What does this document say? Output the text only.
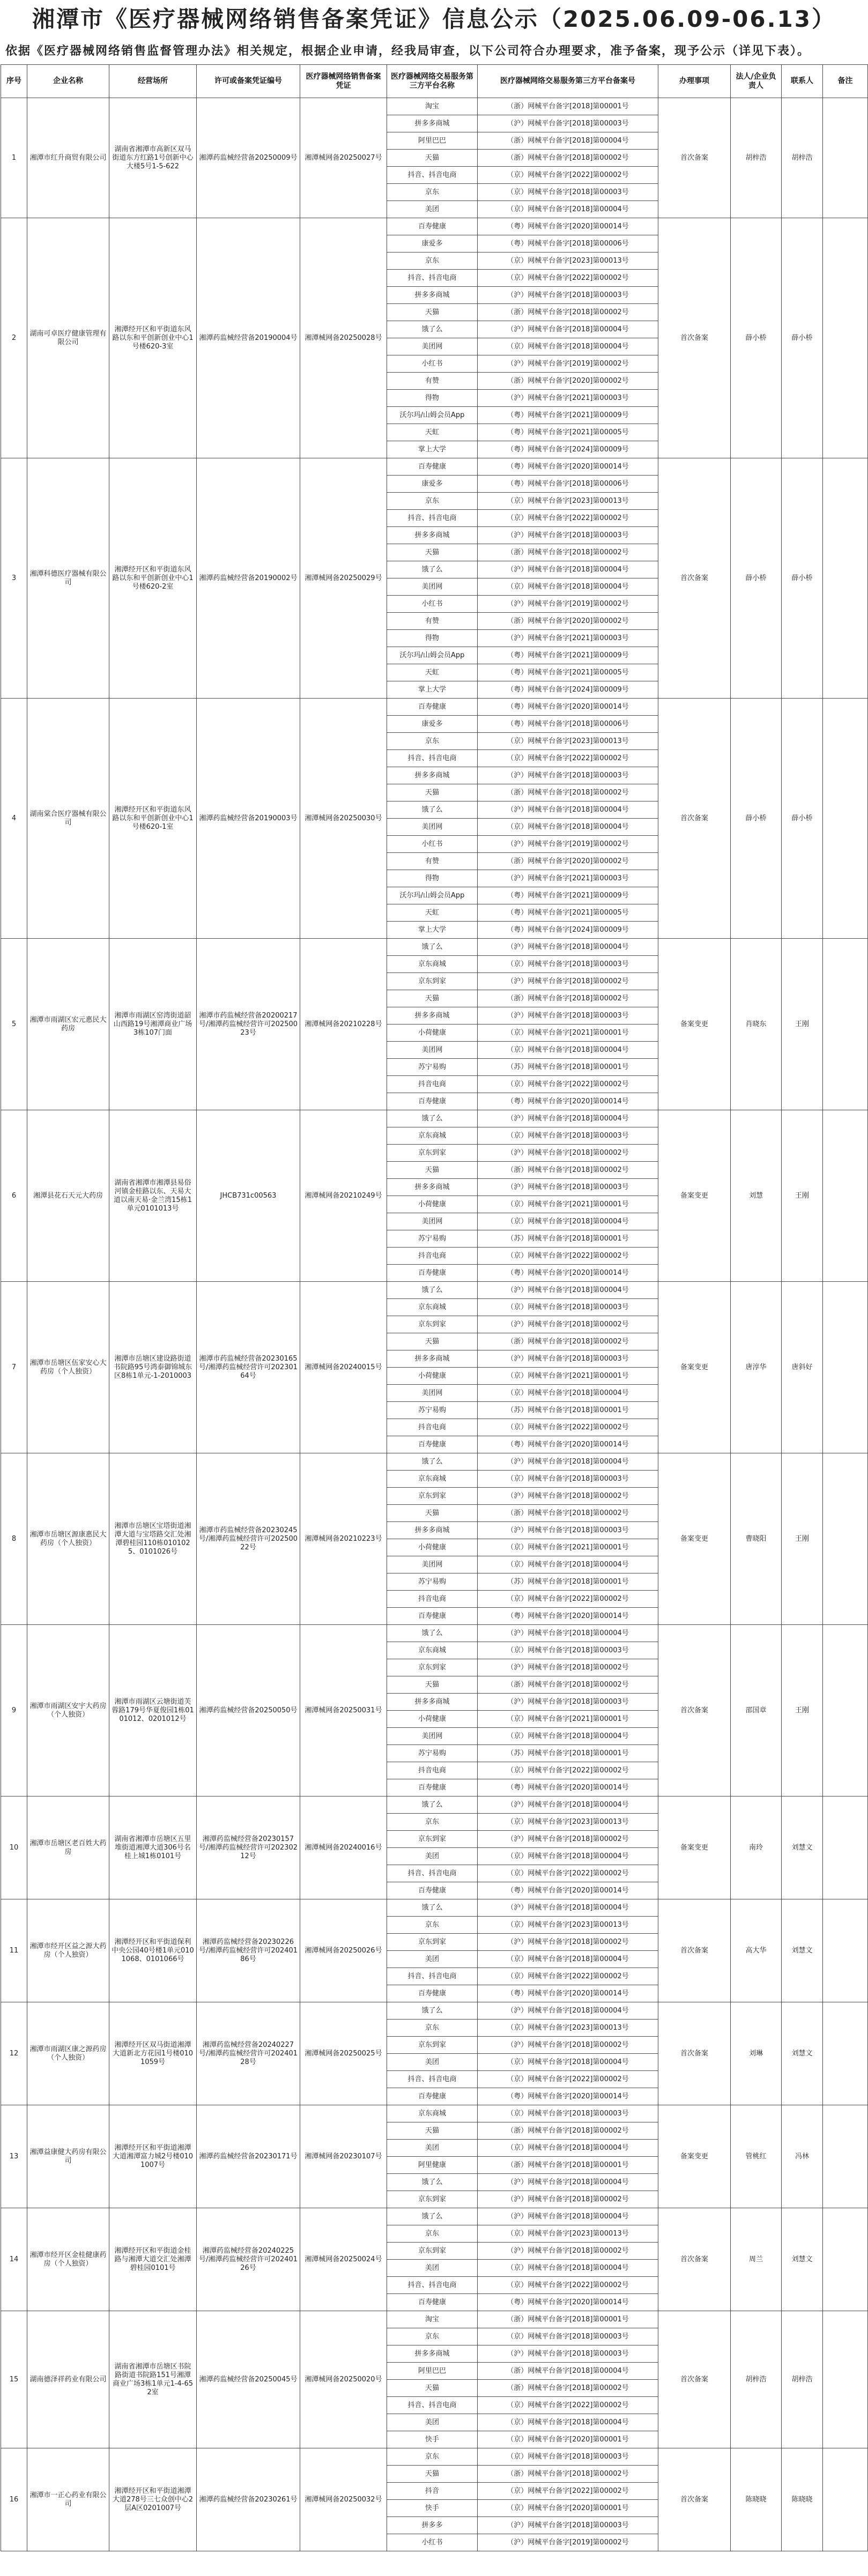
湘潭市《医疗器械网络销售备案凭证》信息公示（2025.06.09-06.13）
依据《医疗器械网络销售监督管理办法》相关规定，根据企业申请，经我局审查，以下公司符合办理要求，准予备案，现予公示（详见下表）。
序号	企业名称	经营场所	许可或备案凭证编号	医疗器械网络销售备案凭证	医疗器械网络交易服务第三方平台名称	医疗器械网络交易服务第三方平台备案号	办理事项	法人/企业负责人	联系人	备注
1	湘潭市红升商贸有限公司	湖南省湘潭市高新区双马街道东方红路1号创新中心大楼5号1-5-622	湘潭药监械经营备20250009号	湘潭械网备20250027号	淘宝	（浙）网械平台备字[2018]第00001号	首次备案	胡梓浩	胡梓浩	
					拼多多商城	（沪）网械平台备字[2018]第00003号				
					阿里巴巴	（浙）网械平台备字[2018]第00004号				
					天猫	（浙）网械平台备字[2018]第00002号				
					抖音、抖音电商	（京）网械平台备字[2022]第00002号				
					京东	（京）网械平台备字[2018]第00003号				
					美团	（京）网械平台备字[2018]第00004号				
2	湖南可卓医疗健康管理有限公司	湘潭经开区和平街道东风路以东和平创新创业中心1号楼620-3室	湘潭药监械经营备20190004号	湘潭械网备20250028号	百寿健康	（粤）网械平台备字[2020]第00014号	首次备案	薛小桥	薛小桥	
					康爱多	（粤）网械平台备字[2018]第00006号				
					京东	（京）网械平台备字[2023]第00013号				
					抖音、抖音电商	（京）网械平台备字[2022]第00002号				
					拼多多商城	（沪）网械平台备字[2018]第00003号				
					天猫	（浙）网械平台备字[2018]第00002号				
					饿了么	（沪）网械平台备字[2018]第00004号				
					美团网	（京）网械平台备字[2018]第00004号				
					小红书	（沪）网械平台备字[2019]第00002号				
					有赞	（浙）网械平台备字[2020]第00002号				
					得物	（沪）网械平台备字[2021]第00003号				
					沃尔玛/山姆会员App	（粤）网械平台备字[2021]第00009号				
					天虹	（粤）网械平台备字[2021]第00005号				
					掌上大学	（粤）网械平台备字[2024]第00009号				
3	湘潭科德医疗器械有限公司	湘潭经开区和平街道东风路以东和平创新创业中心1号楼620-2室	湘潭药监械经营备20190002号	湘潭械网备20250029号	百寿健康	（粤）网械平台备字[2020]第00014号	首次备案	薛小桥	薛小桥	
					康爱多	（粤）网械平台备字[2018]第00006号				
					京东	（京）网械平台备字[2023]第00013号				
					抖音、抖音电商	（京）网械平台备字[2022]第00002号				
					拼多多商城	（沪）网械平台备字[2018]第00003号				
					天猫	（浙）网械平台备字[2018]第00002号				
					饿了么	（沪）网械平台备字[2018]第00004号				
					美团网	（京）网械平台备字[2018]第00004号				
					小红书	（沪）网械平台备字[2019]第00002号				
					有赞	（浙）网械平台备字[2020]第00002号				
					得物	（沪）网械平台备字[2021]第00003号				
					沃尔玛/山姆会员App	（粤）网械平台备字[2021]第00009号				
					天虹	（粤）网械平台备字[2021]第00005号				
					掌上大学	（粤）网械平台备字[2024]第00009号				
4	湖南棠合医疗器械有限公司	湘潭经开区和平街道东风路以东和平创新创业中心1号楼620-1室	湘潭药监械经营备20190003号	湘潭械网备20250030号	百寿健康	（粤）网械平台备字[2020]第00014号	首次备案	薛小桥	薛小桥	
					康爱多	（粤）网械平台备字[2018]第00006号				
					京东	（京）网械平台备字[2023]第00013号				
					抖音、抖音电商	（京）网械平台备字[2022]第00002号				
					拼多多商城	（沪）网械平台备字[2018]第00003号				
					天猫	（浙）网械平台备字[2018]第00002号				
					饿了么	（沪）网械平台备字[2018]第00004号				
					美团网	（京）网械平台备字[2018]第00004号				
					小红书	（沪）网械平台备字[2019]第00002号				
					有赞	（浙）网械平台备字[2020]第00002号				
					得物	（沪）网械平台备字[2021]第00003号				
					沃尔玛/山姆会员App	（粤）网械平台备字[2021]第00009号				
					天虹	（粤）网械平台备字[2021]第00005号				
					掌上大学	（粤）网械平台备字[2024]第00009号				
5	湘潭市雨湖区宏元惠民大药房	湘潭市雨湖区窑湾街道韶山西路19号湘潭商业广场3栋107门面	湘潭市药监械经营备20200217号/湘潭药监械经营许可20250023号	湘潭械网备20210228号	饿了么	（沪）网械平台备字[2018]第00004号	备案变更	肖晓东	王刚	
					京东商城	（京）网械平台备字[2018]第00003号				
					京东到家	（沪）网械平台备字[2018]第00002号				
					天猫	（浙）网械平台备字[2018]第00002号				
					拼多多商城	（沪）网械平台备字[2018]第00003号				
					小荷健康	（京）网械平台备字[2021]第00001号				
					美团网	（京）网械平台备字[2018]第00004号				
					苏宁易购	（苏）网械平台备字[2018]第00001号				
					抖音电商	（京）网械平台备字[2022]第00002号				
					百寿健康	（粤）网械平台备字[2020]第00014号				
6	湘潭县花石天元大药房	湖南省湘潭市湘潭县易俗河镇金桂路以东、天易大道以南天易·金兰湾15栋1单元0101013号	JHCB731c00563	湘潭械网备20210249号	饿了么	（沪）网械平台备字[2018]第00004号	备案变更	刘慧	王刚	
					京东商城	（京）网械平台备字[2018]第00003号				
					京东到家	（沪）网械平台备字[2018]第00002号				
					天猫	（浙）网械平台备字[2018]第00002号				
					拼多多商城	（沪）网械平台备字[2018]第00003号				
					小荷健康	（京）网械平台备字[2021]第00001号				
					美团网	（京）网械平台备字[2018]第00004号				
					苏宁易购	（苏）网械平台备字[2018]第00001号				
					抖音电商	（京）网械平台备字[2022]第00002号				
					百寿健康	（粤）网械平台备字[2020]第00014号				
7	湘潭市岳塘区伍家安心大药房（个人独资）	湘潭市岳塘区建设路街道书院路95号鸿泰御锦城东区8栋1单元-1-2010003	湘潭市药监械经营备20230165号/湘潭药监械经营许可20230164号	湘潭械网备20240015号	饿了么	（沪）网械平台备字[2018]第00004号	备案变更	唐淳华	唐斜好	
					京东商城	（京）网械平台备字[2018]第00003号				
					京东到家	（沪）网械平台备字[2018]第00002号				
					天猫	（浙）网械平台备字[2018]第00002号				
					拼多多商城	（沪）网械平台备字[2018]第00003号				
					小荷健康	（京）网械平台备字[2021]第00001号				
					美团网	（京）网械平台备字[2018]第00004号				
					苏宁易购	（苏）网械平台备字[2018]第00001号				
					抖音电商	（京）网械平台备字[2022]第00002号				
					百寿健康	（粤）网械平台备字[2020]第00014号				
8	湘潭市岳塘区源康惠民大药房（个人独资）	湘潭市岳塘区宝塔街道湘潭大道与宝塔路交汇处湘潭碧桂园110栋0101025、0101026号	湘潭市药监械经营备20230245号/湘潭药监械经营许可20250022号	湘潭械网备20210223号	饿了么	（沪）网械平台备字[2018]第00004号	备案变更	曹晓阳	王刚	
					京东商城	（京）网械平台备字[2018]第00003号				
					京东到家	（沪）网械平台备字[2018]第00002号				
					天猫	（浙）网械平台备字[2018]第00002号				
					拼多多商城	（沪）网械平台备字[2018]第00003号				
					小荷健康	（京）网械平台备字[2021]第00001号				
					美团网	（京）网械平台备字[2018]第00004号				
					苏宁易购	（苏）网械平台备字[2018]第00001号				
					抖音电商	（京）网械平台备字[2022]第00002号				
					百寿健康	（粤）网械平台备字[2020]第00014号				
9	湘潭市雨湖区安宇大药房（个人独资）	湘潭市雨湖区云塘街道芙蓉路179号华夏俊园1栋0101012、0201012号	湘潭药监械经营备20250050号	湘潭械网备20250031号	饿了么	（沪）网械平台备字[2018]第00004号	首次备案	邵国章	王刚	
					京东商城	（京）网械平台备字[2018]第00003号				
					京东到家	（沪）网械平台备字[2018]第00002号				
					天猫	（浙）网械平台备字[2018]第00002号				
					拼多多商城	（沪）网械平台备字[2018]第00003号				
					小荷健康	（京）网械平台备字[2021]第00001号				
					美团网	（京）网械平台备字[2018]第00004号				
					苏宁易购	（苏）网械平台备字[2018]第00001号				
					抖音电商	（京）网械平台备字[2022]第00002号				
					百寿健康	（粤）网械平台备字[2020]第00014号				
10	湘潭市岳塘区老百姓大药房	湖南省湘潭市岳塘区五里堆街道湘潭大道306号名桂上城1栋0101号	湘潭药监械经营备20230157号/湘潭药监械经营许可20230212号	湘潭械网备20240016号	饿了么	（沪）网械平台备字[2018]第00004号	备案变更	南玲	刘慧文	
					京东	（京）网械平台备字[2023]第00013号				
					京东到家	（沪）网械平台备字[2018]第00002号				
					美团	（京）网械平台备字[2018]第00004号				
					抖音、抖音电商	（京）网械平台备字[2022]第00002号				
					百寿健康	（粤）网械平台备字[2020]第00014号				
11	湘潭市经开区益之源大药房（个人独资）	湘潭经开区和平街道保利中央公园40号楼1单元0101068、0101066号	湘潭药监械经营备20230226号/湘潭药监械经营许可20240186号	湘潭械网备20250026号	饿了么	（沪）网械平台备字[2018]第00004号	首次备案	高大华	刘慧文	
					京东	（京）网械平台备字[2023]第00013号				
					京东到家	（沪）网械平台备字[2018]第00002号				
					美团	（京）网械平台备字[2018]第00004号				
					抖音、抖音电商	（京）网械平台备字[2022]第00002号				
					百寿健康	（粤）网械平台备字[2020]第00014号				
12	湘潭市雨湖区康之源药房（个人独资）	湘潭经开区双马街道湘潭大道新北方花园1号楼0101059号	湘潭药监械经营备20240227号/湘潭药监械经营许可20240128号	湘潭械网备20250025号	饿了么	（沪）网械平台备字[2018]第00004号	首次备案	刘琳	刘慧文	
					京东	（京）网械平台备字[2023]第00013号				
					京东到家	（沪）网械平台备字[2018]第00002号				
					美团	（京）网械平台备字[2018]第00004号				
					抖音、抖音电商	（京）网械平台备字[2022]第00002号				
					百寿健康	（粤）网械平台备字[2020]第00014号				
13	湘潭益康健大药房有限公司	湘潭经开区和平街道湘潭大道湘潭富力城2号楼0101007号	湘潭药监械经营备20230171号	湘潭械网备20230107号	京东商城	（京）网械平台备字[2018]第00003号	备案变更	管桃红	冯林	
					天猫	（浙）网械平台备字[2018]第00002号				
					美团	（京）网械平台备字[2018]第00004号				
					阿里健康	（浙）网械平台备字[2018]第00001号				
					饿了么	（沪）网械平台备字[2018]第00004号				
					京东到家	（沪）网械平台备字[2018]第00002号				
14	湘潭市经开区金桂健康药房（个人独资）	湘潭经开区和平街道金桂路与湘潭大道交汇处湘潭碧桂园0101号	湘潭药监械经营备20240225号/湘潭药监械经营许可20240126号	湘潭械网备20250024号	饿了么	（沪）网械平台备字[2018]第00004号	首次备案	周兰	刘慧文	
					京东	（京）网械平台备字[2023]第00013号				
					京东到家	（沪）网械平台备字[2018]第00002号				
					美团	（京）网械平台备字[2018]第00004号				
					抖音、抖音电商	（京）网械平台备字[2022]第00002号				
					百寿健康	（粤）网械平台备字[2020]第00014号				
15	湖南德泽祥药业有限公司	湖南省湘潭市岳塘区书院路街道书院路151号湘潭商业广场3栋1单元1-4-652室	湘潭药监械经营备20250045号	湘潭械网备20250020号	淘宝	（浙）网械平台备字[2018]第00001号	首次备案	胡梓浩	胡梓浩	
					京东	（京）网械平台备字[2018]第00003号				
					拼多多商城	（沪）网械平台备字[2018]第00003号				
					阿里巴巴	（浙）网械平台备字[2018]第00004号				
					天猫	（浙）网械平台备字[2018]第00002号				
					抖音、抖音电商	（京）网械平台备字[2022]第00002号				
					美团	（京）网械平台备字[2018]第00004号				
					快手	（京）网械平台备字[2020]第00001号				
16	湘潭市一正心药业有限公司	湘潭经开区和平街道湘潭大道278号三七众创中心2层A区0201007号	湘潭药监械经营备20230261号	湘潭械网备20250032号	京东	（京）网械平台备字[2018]第00003号	首次备案	陈晓晓	陈晓晓	
					天猫	（浙）网械平台备字[2018]第00002号				
					抖音	（京）网械平台备字[2022]第00002号				
					快手	（京）网械平台备字[2020]第00001号				
					拼多多	（沪）网械平台备字[2018]第00003号				
					小红书	（沪）网械平台备字[2019]第00002号				
